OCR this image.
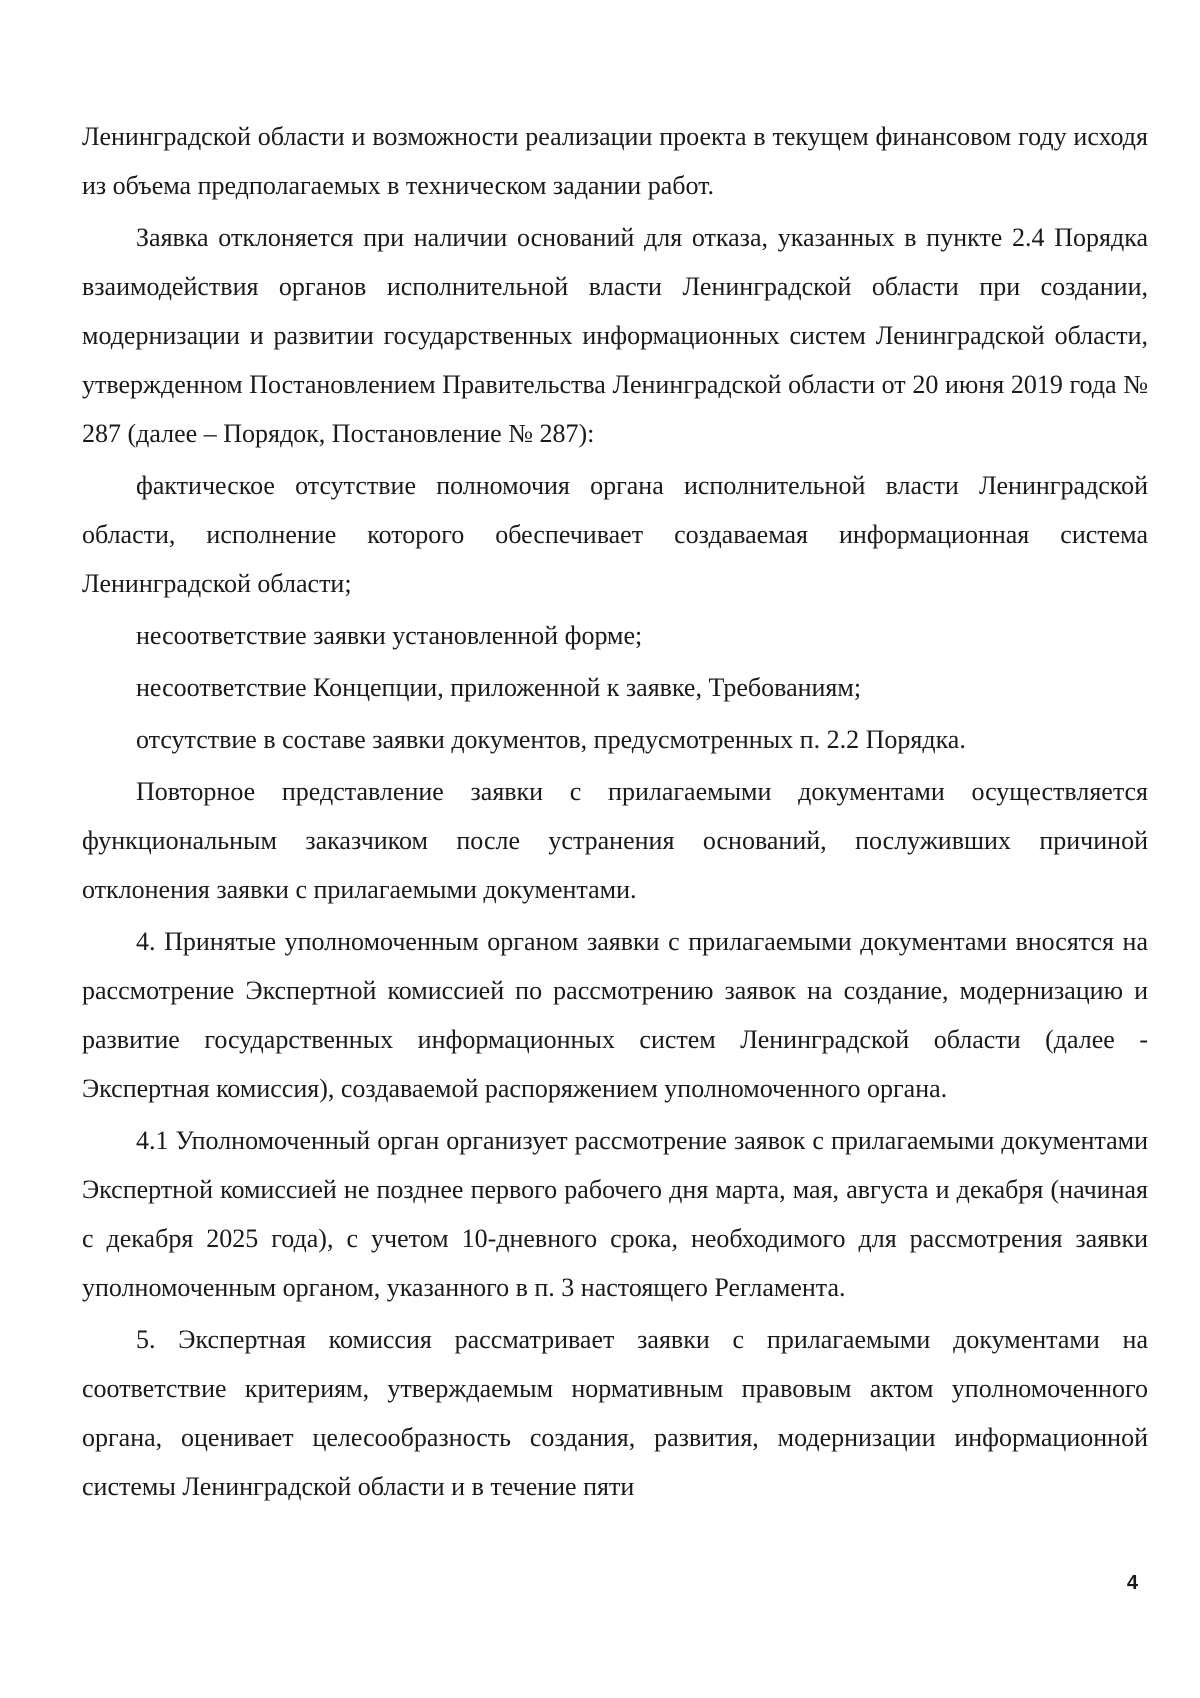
Ленинградской области и возможности реализации проекта в текущем финансовом году исходя из объема предполагаемых в техническом задании работ.

Заявка отклоняется при наличии оснований для отказа, указанных в пункте 2.4 Порядка взаимодействия органов исполнительной власти Ленинградской области при создании, модернизации и развитии государственных информационных систем Ленинградской области, утвержденном Постановлением Правительства Ленинградской области от 20 июня 2019 года № 287 (далее – Порядок, Постановление № 287):

фактическое отсутствие полномочия органа исполнительной власти Ленинградской области, исполнение которого обеспечивает создаваемая информационная система Ленинградской области;

несоответствие заявки установленной форме;

несоответствие Концепции, приложенной к заявке, Требованиям;

отсутствие в составе заявки документов, предусмотренных п. 2.2 Порядка.

Повторное представление заявки с прилагаемыми документами осуществляется функциональным заказчиком после устранения оснований, послуживших причиной отклонения заявки с прилагаемыми документами.

4. Принятые уполномоченным органом заявки с прилагаемыми документами вносятся на рассмотрение Экспертной комиссией по рассмотрению заявок на создание, модернизацию и развитие государственных информационных систем Ленинградской области (далее - Экспертная комиссия), создаваемой распоряжением уполномоченного органа.

4.1 Уполномоченный орган организует рассмотрение заявок с прилагаемыми документами Экспертной комиссией не позднее первого рабочего дня марта, мая, августа и декабря (начиная с декабря 2025 года), с учетом 10-дневного срока, необходимого для рассмотрения заявки уполномоченным органом, указанного в п. 3 настоящего Регламента.

5. Экспертная комиссия рассматривает заявки с прилагаемыми документами на соответствие критериям, утверждаемым нормативным правовым актом уполномоченного органа, оценивает целесообразность создания, развития, модернизации информационной системы Ленинградской области и в течение пяти

4
